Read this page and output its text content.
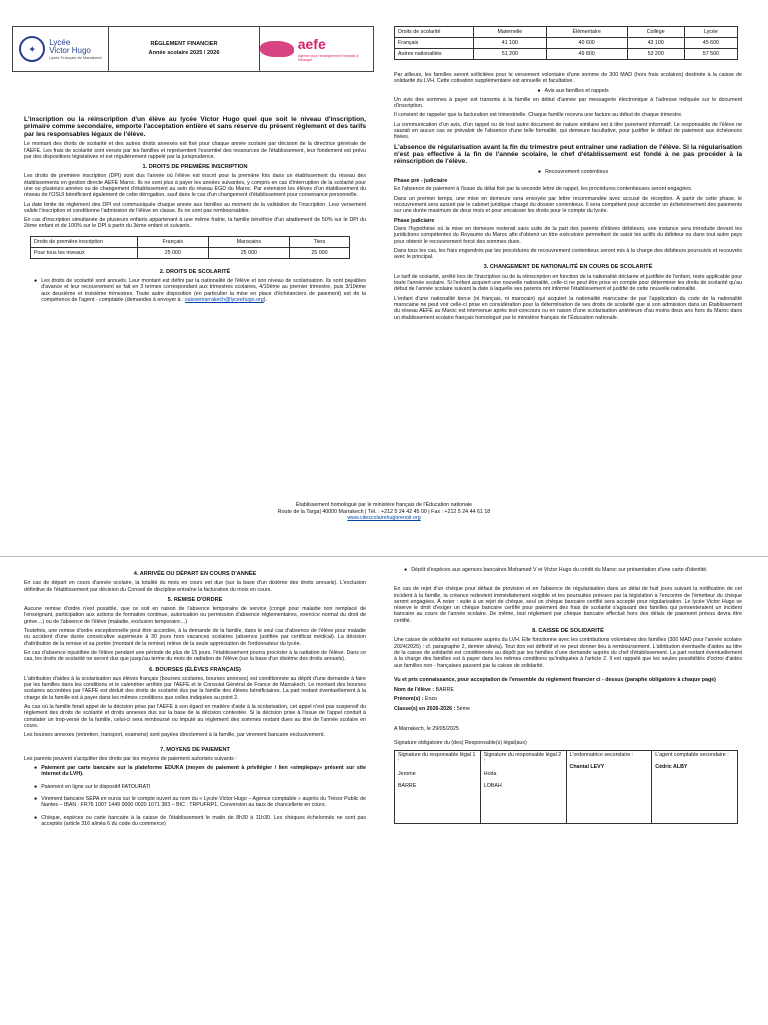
✦
Lycée
Victor Hugo
Lycée Français de Marrakech
RÈGLEMENT FINANCIER
Année scolaire 2025 / 2026
aefe
Agence pour l'enseignement français à l'étranger

L'inscription ou la réinscription d'un élève au lycée Victor Hugo quel que soit le niveau d'inscription, primaire comme secondaire, emporte l'acceptation entière et sans réserve du présent règlement et des tarifs par les responsables légaux de l'élève.

Le montant des droits de scolarité et des autres droits annexes est fixé pour chaque année scolaire par décision de la directrice générale de l'AEFE. Les frais de scolarité sont versés par les familles et représentent l'essentiel des ressources de l'établissement, leur fondement est prévu par des dispositions législatives et est régulièrement rappelé par la jurisprudence.

1. DROITS DE PREMIÈRE INSCRIPTION

Les droits de première inscription (DPI) sont dus l'année où l'élève est inscrit pour la première fois dans un établissement du réseau des établissements en gestion directe AEFE Maroc. Ils ne sont plus à payer les années suivantes, y compris en cas d'interruption de la scolarité pour une ou plusieurs années ou de changement d'établissement au sein du réseau EGD du Maroc. Par extension les élèves d'un établissement du réseau de l'OSUI bénéficient également de cette dérogation, sauf dans le cas d'un changement d'établissement pour convenance personnelle.

La date limite de règlement des DPI est communiquée chaque année aux familles au moment de la validation de l'inscription. Leur versement valide l'inscription et conditionne l'admission de l'élève en classe. Ils ne sont pas remboursables.

En cas d'inscription simultanée de plusieurs enfants appartenant à une même fratrie, la famille bénéficie d'un abattement de 50% sur le DPI du 2ème enfant et de 100% sur le DPI à partir du 3ème enfant et suivants.

Droits de première inscription	Français	Marocains	Tiers
Pour tous les niveaux	25 000	25 000	25 000
2. DROITS DE SCOLARITÉ
● Les droits de scolarité sont annuels. Leur montant est défini par la nationalité de l'élève et son niveau de scolarisation. Ils sont payables d'avance et leur recouvrement se fait en 3 termes correspondant aux trimestres scolaires, 4/10ème au premier trimestre, puis 3/10ème aux deuxième et troisième trimestres. Toute autre disposition (en particulier la mise en place d'échéanciers de paiement) est de la compétence de l'agent - comptable (demandes à envoyer à : saissemarrakech@lyceehugo.org).

Droits de scolarité	Maternelle	Élémentaire	Collège	Lycée
Français	41 100	40 600	43 100	45 600
Autres nationalités	51 200	49 800	53 200	57 500

Par ailleurs, les familles seront sollicitées pour le versement volontaire d'une somme de 300 MAD (hors frais scolaires) destinée à la caisse de solidarité du LVH. Cette cotisation supplémentaire est annuelle et facultative.

● Avis aux familles et rappels

Un avis des sommes à payer est transmis à la famille en début d'année par messagerie électronique à l'adresse indiquée sur le document d'inscription.

Il convient de rappeler que la facturation est trimestrielle. Chaque famille recevra une facture au début de chaque trimestre.

La communication d'un avis, d'un rappel ou de tout autre document de nature similaire est à titre purement informatif. Le responsable de l'élève ne saurait en aucun cas se prévaloir de l'absence d'une telle formalité, qui demeure facultative, pour justifier le défaut de paiement aux échéances fixées.

L'absence de régularisation avant la fin du trimestre peut entraîner une radiation de l'élève. Si la régularisation n'est pas effective à la fin de l'année scolaire, le chef d'établissement est fondé à ne pas procéder à la réinscription de l'élève.

● Recouvrement contentieux
Phase pré - judiciaire

En l'absence de paiement à l'issue du délai fixé par la seconde lettre de rappel, les procédures contentieuses seront engagées.

Dans un premier temps, une mise en demeure sera envoyée par lettre recommandée avec accusé de réception. À partir de cette phase, le recouvrement sera assuré par le cabinet juridique chargé du dossier contentieux. Il sera compétent pour accorder un échelonnement des paiements sur une durée maximum de deux mois et pour encaisser les droits pour le compte du lycée.

Phase judiciaire

Dans l'hypothèse où la mise en demeure resterait sans suite de la part des parents d'élèves débiteurs, une instance sera introduite devant les juridictions compétentes du Royaume du Maroc afin d'obtenir un titre exécutoire permettant de saisir les actifs du débiteur ou dans tout autre pays pour obtenir le recouvrement forcé des sommes dues.

Dans tous les cas, les frais engendrés par les procédures de recouvrement contentieux seront mis à la charge des débiteurs poursuivis et recouvrés avec le principal.

3. CHANGEMENT DE NATIONALITÉ EN COURS DE SCOLARITÉ

Le tarif de scolarité, arrêté lors de l'inscription ou de la réinscription en fonction de la nationalité déclarée et justifiée de l'enfant, reste applicable pour toute l'année scolaire. Si l'enfant acquiert une nouvelle nationalité, celle-ci ne peut être prise en compte pour déterminer les droits de scolarité qu'au début de l'année scolaire suivant la date à laquelle ses parents ont informé l'établissement et justifié de cette nouvelle nationalité.

L'enfant d'une nationalité tierce (ni français, ni marocain) qui acquiert la nationalité marocaine de par l'application du code de la nationalité marocaine ne peut voir celle-ci prise en considération pour la détermination de ses droits de scolarité que si son admission dans un Établissement du réseau AEFE au Maroc est intervenue après test-concours ou en raison d'une scolarisation antérieure d'au moins deux ans hors du Maroc dans un établissement scolaire français homologué par le ministère français de l'Éducation nationale.

Établissement homologué par le ministère français de l'Éducation nationale
Route de la Targa| 40000 Marrakech | Tél. : +212 5 24 42 45 00 | Fax : +212 5 24 44 61 18
www.citescolairehugorenoir.org
4. ARRIVÉE OU DÉPART EN COURS D'ANNÉE

En cas de départ en cours d'année scolaire, la totalité du mois en cours est due (sur la base d'un dixième des droits annuels). L'exclusion définitive de l'établissement par décision du Conseil de discipline entraîne la facturation du mois en cours.

5. REMISE D'ORDRE

Aucune remise d'ordre n'est possible, que ce soit en raison de l'absence temporaire de service (congé pour maladie non remplacé de l'enseignant, participation aux actions de formation continue, autorisation ou permission d'absence réglementaires, exercice normal du droit de grève…) ou de l'absence de l'élève (maladie, exclusion temporaire…)

Toutefois, une remise d'ordre exceptionnelle peut être accordée, à la demande de la famille, dans le seul cas d'absence de l'élève pour maladie ou accident d'une durée consécutive supérieure à 30 jours hors vacances scolaires (absence justifiée par certificat médical). La décision d'attribution de la remise et sa portée (montant de la remise) relève de la seule appréciation de l'ordonnateur du lycée.

En cas d'absence injustifiée de l'élève pendant une période de plus de 15 jours, l'établissement pourra procéder à la radiation de l'élève. Dans ce cas, les droits de scolarité ne seront dus que jusqu'au terme du mois de radiation de l'élève (sur la base d'un dixième des droits annuels).

6. BOURSES (ÉLÈVES FRANÇAIS)

L'attribution d'aides à la scolarisation aux élèves français (bourses scolaires, bourses annexes) est conditionnée au dépôt d'une demande à faire par les familles dans les conditions et le calendrier arrêtés par l'AEFE et le Consulat Général de France de Marrakech. Le montant des bourses scolaires accordées par l'AEFE est déduit des droits de scolarité dus par la famille des élèves bénéficiaires. La part restant éventuellement à la charge de la famille est à payer dans les mêmes conditions que celles indiquées au point 2.

Au cas où la famille ferait appel de la décision prise par l'AEFE à son égard en matière d'aide à la scolarisation, cet appel n'est pas suspensif du règlement des droits de scolarité et droits annexes dus sur la base de la décision contestée. Si la décision prise à l'issue de l'appel conduit à constater un trop-versé de la famille, celui-ci sera remboursé ou imputé au règlement des sommes restant dues au titre de l'année scolaire en cours.

Les bourses annexes (entretien, transport, examens) sont payées directement à la famille, par virement bancaire exclusivement.

7. MOYENS DE PAIEMENT

Les parents peuvent s'acquitter des droits par les moyens de paiement autorisés suivants :

● Paiement par carte bancaire sur la plateforme EDUKA (moyen de paiement à privilégier / lien «simplepay» présent sur site internet du LVH).

● Paiement en ligne sur le dispositif FATOURATI

● Virement bancaire SEPA en euros sur le compte ouvert au nom du « Lycée Victor Hugo – Agence comptable » auprès du Trésor Public de Nantes – IBAN : FR76 1007 1449 0000 0020 1071 383 – BIC : TRPUFRP1. Conversion au taux de chancellerie en cours.

● Chèque, espèces ou carte bancaire à la caisse de l'établissement le matin de 8h30 à 11h30. Les chèques échelonnés ne sont pas acceptés (article 316 alinéa 6 du code du commerce)

● Dépôt d'espèces aux agences bancaires Mohamed V et Victor Hugo du crédit du Maroc sur présentation d'une carte d'identité.

En cas de rejet d'un chèque pour défaut de provision et en l'absence de régularisation dans un délai de huit jours suivant la notification de cet incident à la famille, la créance redevient immédiatement exigible et les poursuites prévues par la législation à l'encontre de l'émetteur du chèque seront engagées. À noter : suite à un rejet de chèque, seul un chèque bancaire certifié sera accepté pour régularisation. Le lycée Victor Hugo se réserve le droit d'exiger un chèque bancaire certifié pour paiement des frais de scolarité s'agissant des familles qui présenteraient un incident bancaire au cours de l'année scolaire. De même, tout règlement par chèque bancaire effectué hors des délais de paiement prévus devra être certifié.

8. CAISSE DE SOLIDARITÉ

Une caisse de solidarité est instaurée auprès du LVH. Elle fonctionne avec les contributions volontaires des familles (300 MAD pour l'année scolaire 2024/2025) : cf. paragraphe 2, dernier alinéa). Tout don est définitif et ne peut donner lieu à remboursement. L'attribution éventuelle d'aides au titre de la caisse de solidarité est conditionnée au dépôt par les familles d'une demande auprès du chef d'établissement. La part restant éventuellement à la charge des familles est à payer dans les mêmes conditions qu'indiquées à l'article 2. Il est rappelé que les seules possibilités d'octroi d'aides aux familles non - françaises passent par la caisse de solidarité.

Vu et pris connaissance, pour acceptation de l'ensemble du règlement financier ci - dessus (paraphe obligatoire à chaque page)

Nom de l'élève : BARRE

Prénom(s) : Enzo

Classe(s) en 2026-2026 : 5ème

A Marrakech, le 29/05/2025

Signature obligatoire du (des) Responsable(s) légal(aux)

Signature du responsable légal 1 :

Jerome

BARRE

Signature du responsable légal 2 :

Hoda

LOBAH

L'ordonnatrice secondaire :

Chantal LEVY

L'agent comptable secondaire :

Cédric ALBY
